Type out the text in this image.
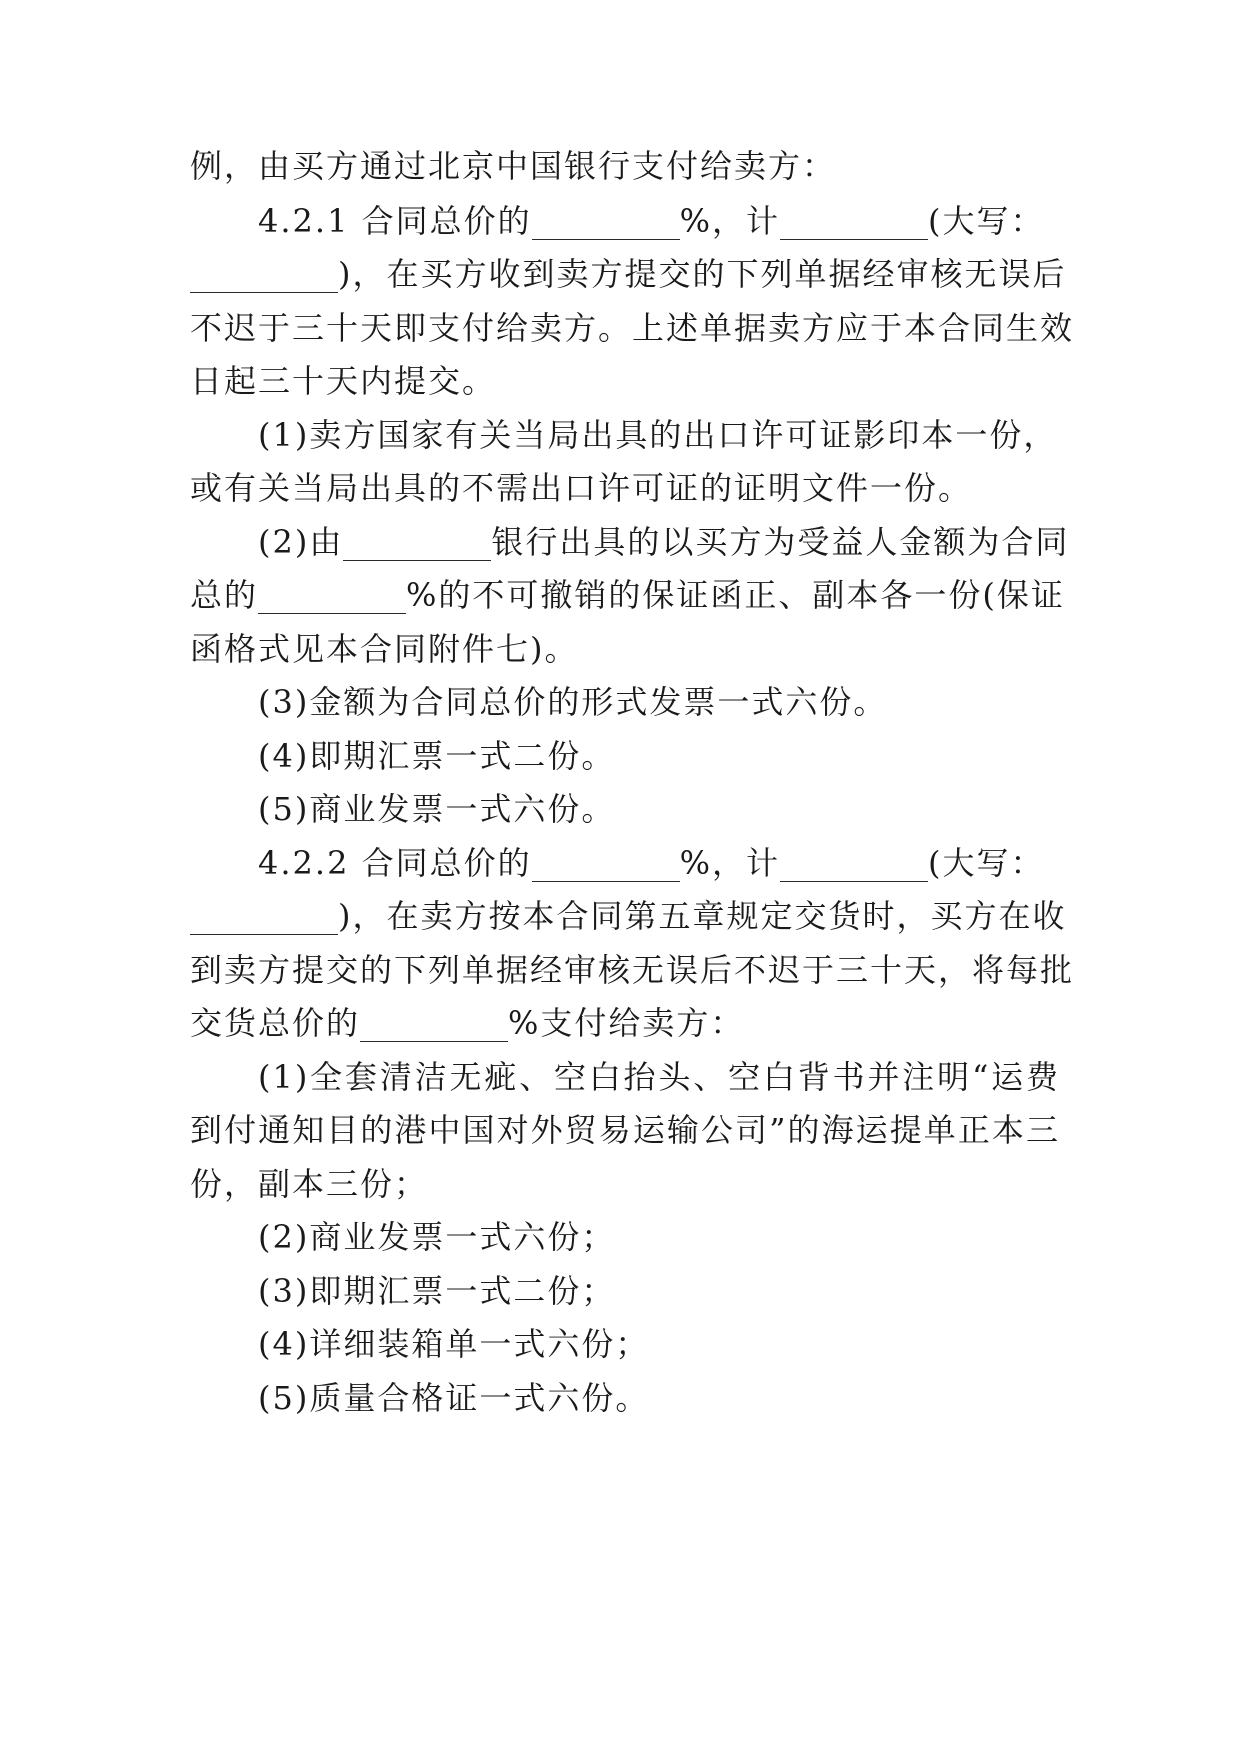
例，由买方通过北京中国银行支付给卖方：
4.2.1 合同总价的	%，计	(大写：
)，在买方收到卖方提交的下列单据经审核无误后
不迟于三十天即支付给卖方。上述单据卖方应于本合同生效
日起三十天内提交。
(1)卖方国家有关当局出具的出口许可证影印本一份，
或有关当局出具的不需出口许可证的证明文件一份。
(2)由	银行出具的以买方为受益人金额为合同
总的	%的不可撤销的保证函正、副本各一份(保证
函格式见本合同附件七)。
(3)金额为合同总价的形式发票一式六份。
(4)即期汇票一式二份。
(5)商业发票一式六份。
4.2.2 合同总价的	%，计	(大写：
)，在卖方按本合同第五章规定交货时，买方在收
到卖方提交的下列单据经审核无误后不迟于三十天，将每批
交货总价的	%支付给卖方：
(1)全套清洁无疵、空白抬头、空白背书并注明“运费
到付通知目的港中国对外贸易运输公司”的海运提单正本三
份，副本三份；
(2)商业发票一式六份；
(3)即期汇票一式二份；
(4)详细装箱单一式六份；
(5)质量合格证一式六份。
